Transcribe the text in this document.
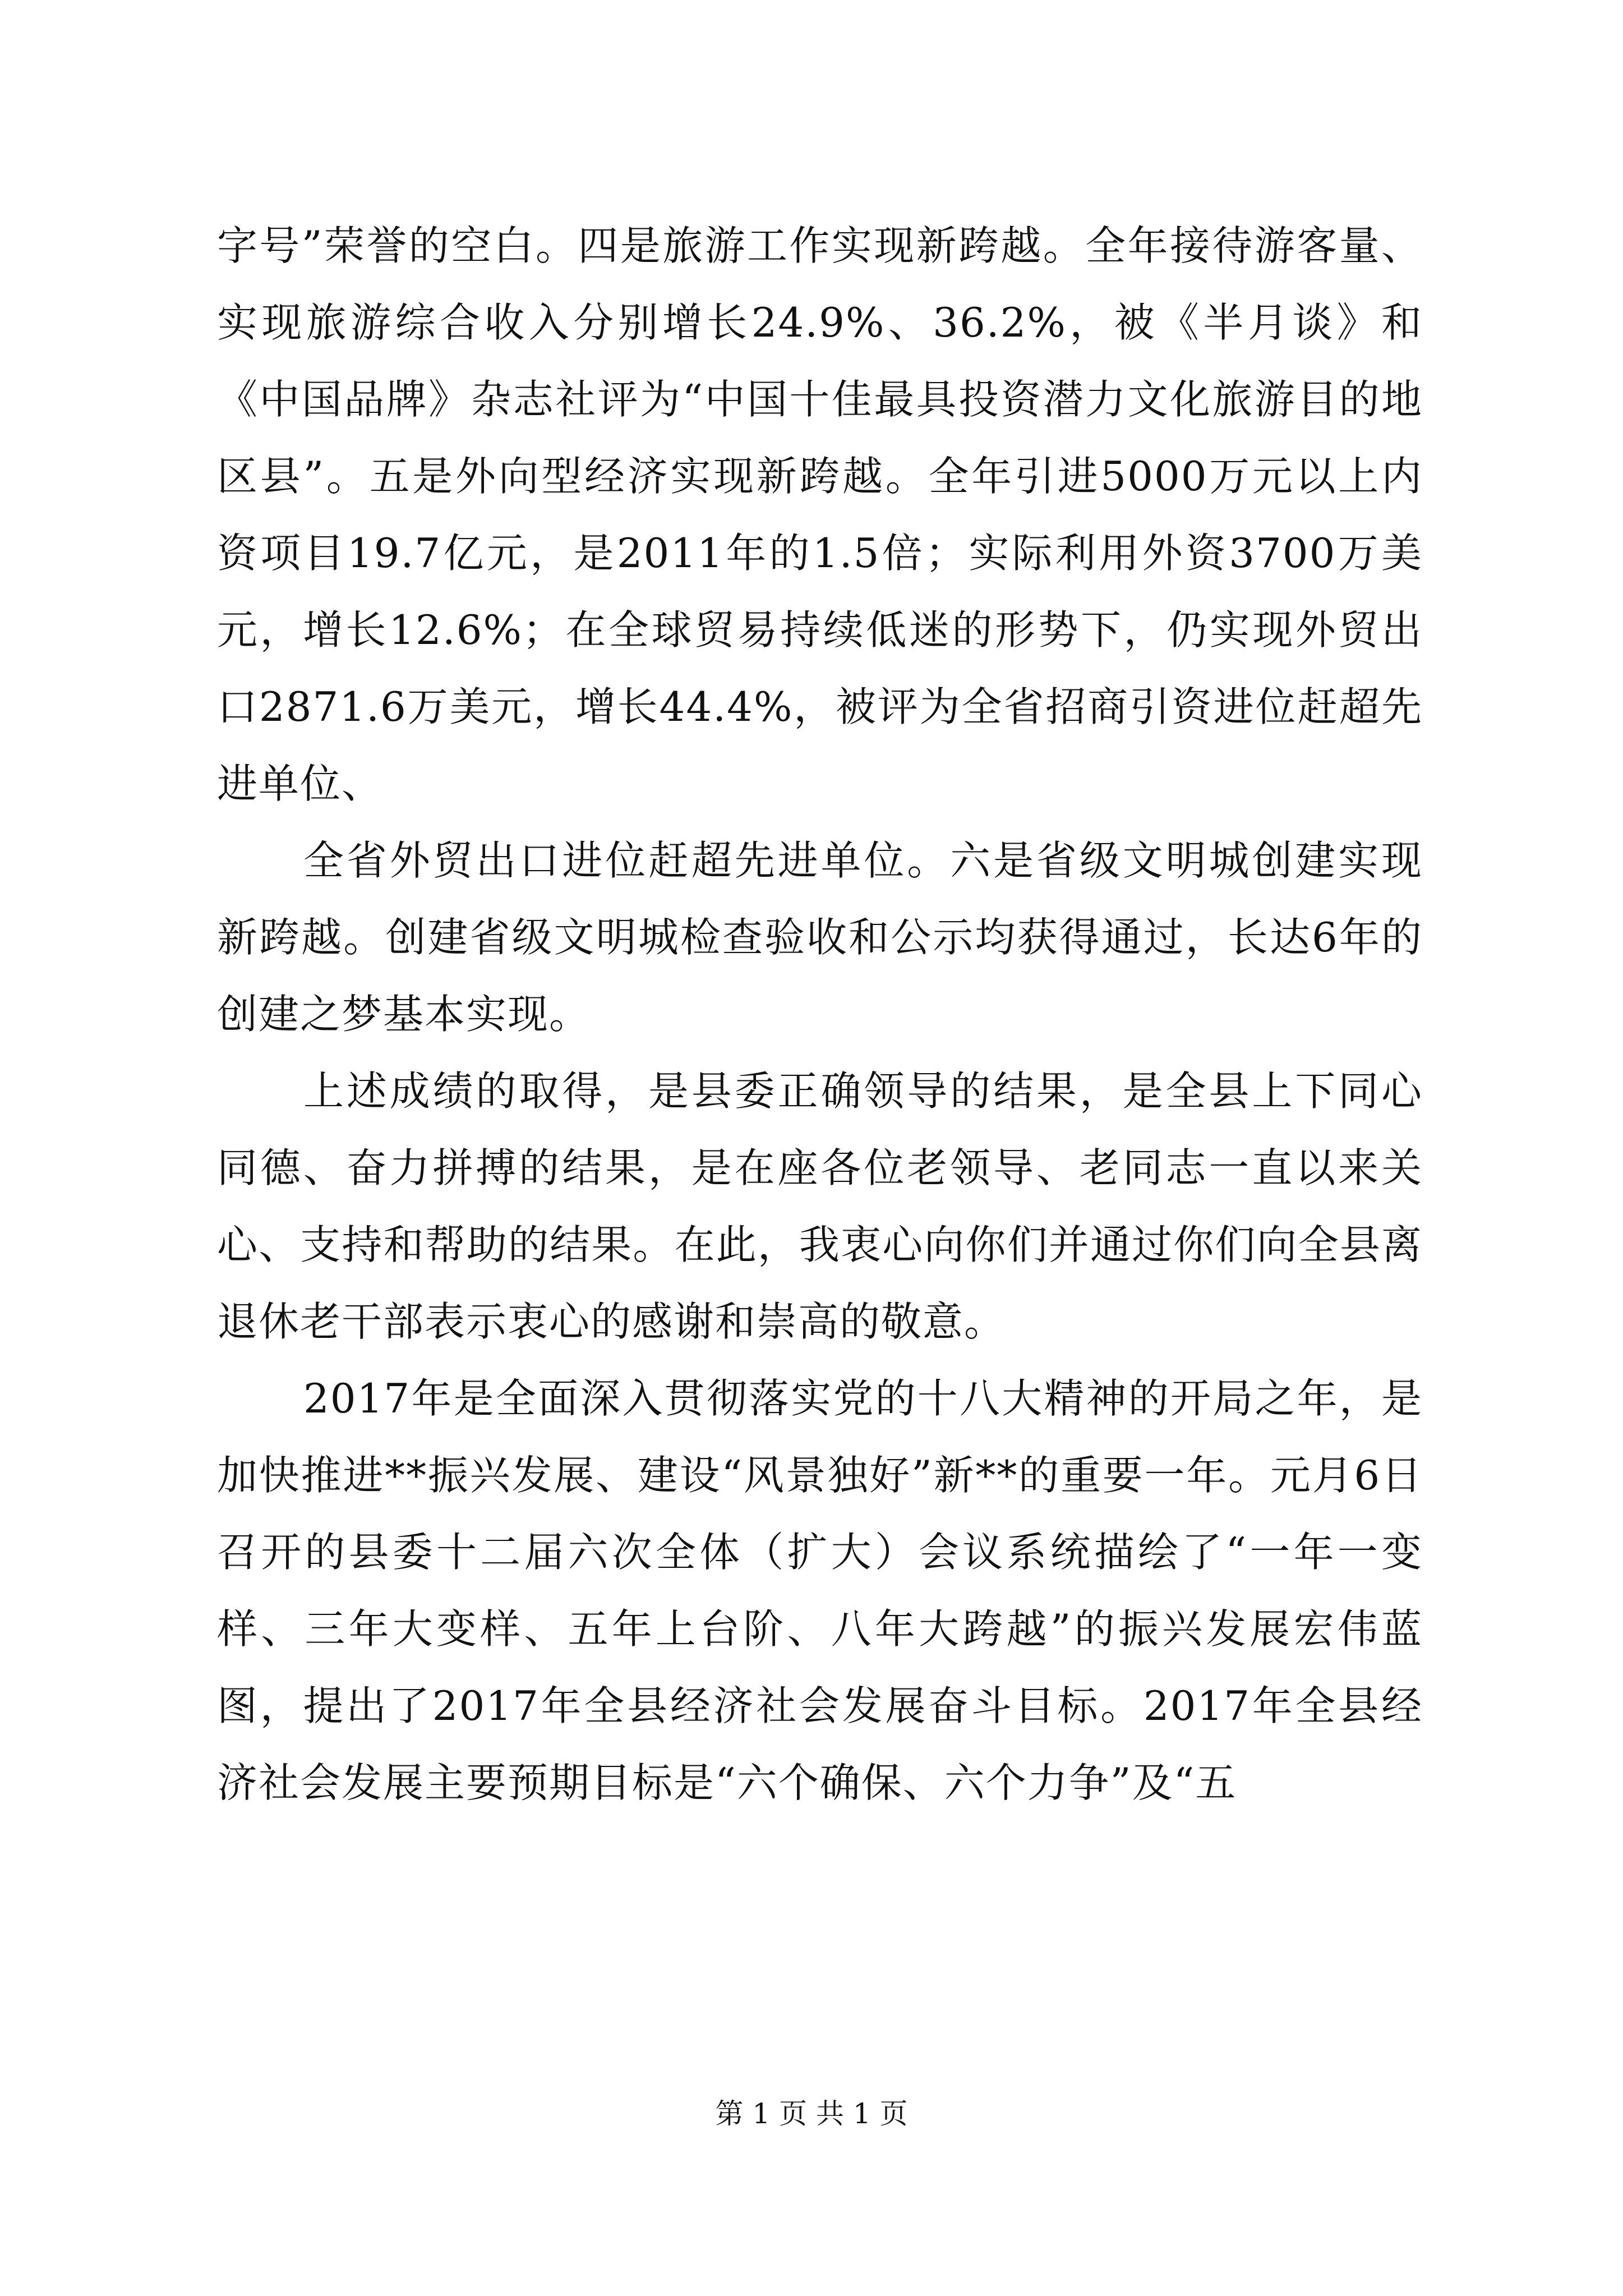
字号”荣誉的空白。四是旅游工作实现新跨越。全年接待游客量、实现旅游综合收入分别增长24.9%、36.2%，被《半月谈》和《中国品牌》杂志社评为“中国十佳最具投资潜力文化旅游目的地区县”。五是外向型经济实现新跨越。全年引进5000万元以上内资项目19.7亿元，是2011年的1.5倍；实际利用外资3700万美元，增长12.6%；在全球贸易持续低迷的形势下，仍实现外贸出口2871.6万美元，增长44.4%，被评为全省招商引资进位赶超先进单位、

全省外贸出口进位赶超先进单位。六是省级文明城创建实现新跨越。创建省级文明城检查验收和公示均获得通过，长达6年的创建之梦基本实现。

上述成绩的取得，是县委正确领导的结果，是全县上下同心同德、奋力拼搏的结果，是在座各位老领导、老同志一直以来关心、支持和帮助的结果。在此，我衷心向你们并通过你们向全县离退休老干部表示衷心的感谢和崇高的敬意。

2017年是全面深入贯彻落实党的十八大精神的开局之年，是加快推进**振兴发展、建设“风景独好”新**的重要一年。元月6日召开的县委十二届六次全体（扩大）会议系统描绘了“一年一变样、三年大变样、五年上台阶、八年大跨越”的振兴发展宏伟蓝图，提出了2017年全县经济社会发展奋斗目标。2017年全县经济社会发展主要预期目标是“六个确保、六个力争”及“五

第 1 页 共 1 页
